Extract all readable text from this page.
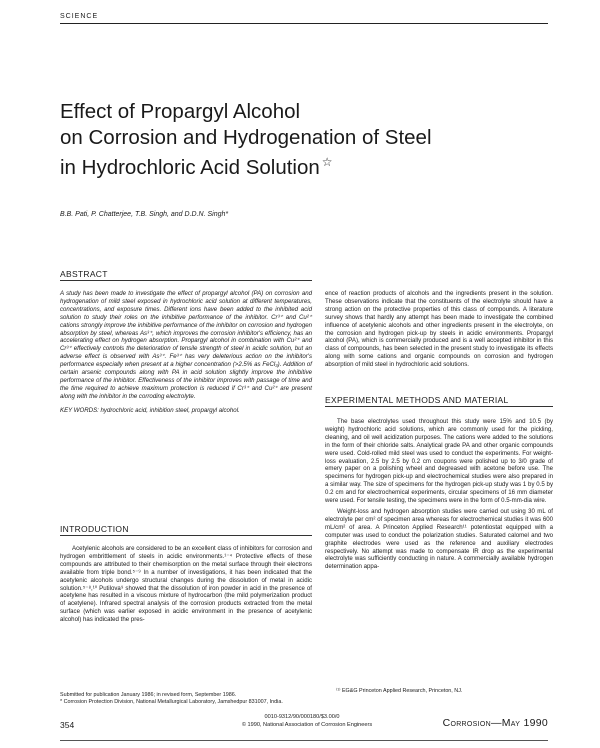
SCIENCE
Effect of Propargyl Alcohol
on Corrosion and Hydrogenation of Steel
in Hydrochloric Acid Solution ☆
B.B. Pati, P. Chatterjee, T.B. Singh, and D.D.N. Singh*
ABSTRACT

A study has been made to investigate the effect of propargyl alcohol (PA) on corrosion and hydrogenation of mild steel exposed in hydrochloric acid solution at different temperatures, concentrations, and exposure times. Different ions have been added to the inhibited acid solution to study their roles on the inhibitive performance of the inhibitor. Cr³⁺ and Cu²⁺ cations strongly improve the inhibitive performance of the inhibitor on corrosion and hydrogen absorption by steel, whereas As³⁺, which improves the corrosion inhibitor's efficiency, has an accelerating effect on hydrogen absorption. Propargyl alcohol in combination with Cu²⁺ and Cr³⁺ effectively controls the deterioration of tensile strength of steel in acidic solution, but an adverse effect is observed with As³⁺. Fe³⁺ has very deleterious action on the inhibitor's performance especially when present at a higher concentration (>2.5% as FeCl₃). Addition of certain arsenic compounds along with PA in acid solution slightly improve the inhibitive performance of the inhibitor. Effectiveness of the inhibitor improves with passage of time and the time required to achieve maximum protection is reduced if Cr³⁺ and Cu²⁺ are present along with the inhibitor in the corroding electrolyte.

KEY WORDS: hydrochloric acid, inhibition steel, propargyl alcohol.

INTRODUCTION

Acetylenic alcohols are considered to be an excellent class of inhibitors for corrosion and hydrogen embrittlement of steels in acidic environments.¹⁻⁴ Protective effects of these compounds are attributed to their chemisorption on the metal surface through their electrons available from triple bond.⁵⁻⁹ In a number of investigations, it has been indicated that the acetylenic alcohols undergo structural changes during the dissolution of metal in acidic solution.⁵⁻⁸,¹⁰ Putilova⁹ showed that the dissolution of iron powder in acid in the presence of acetylene has resulted in a viscous mixture of hydrocarbon (the mild polymerization product of acetylene). Infrared spectral analysis of the corrosion products extracted from the metal surface (which was earlier exposed in acidic environment in the presence of acetylenic alcohol) has indicated the pres-

Submitted for publication January 1986; in revised form, September 1986.

* Corrosion Protection Division, National Metallurgical Laboratory, Jamshedpur 831007, India.

ence of reaction products of alcohols and the ingredients present in the solution. These observations indicate that the constituents of the electrolyte should have a strong action on the protective properties of this class of compounds. A literature survey shows that hardly any attempt has been made to investigate the combined influence of acetylenic alcohols and other ingredients present in the electrolyte, on the corrosion and hydrogen pick-up by steels in acidic environments. Propargyl alcohol (PA), which is commercially produced and is a well accepted inhibitor in this class of compounds, has been selected in the present study to investigate its effects along with some cations and organic compounds on corrosion and hydrogen absorption of mild steel in hydrochloric acid solutions.

EXPERIMENTAL METHODS AND MATERIAL

The base electrolytes used throughout this study were 15% and 10.5 (by weight) hydrochloric acid solutions, which are commonly used for the pickling, cleaning, and oil well acidization purposes. The cations were added to the solutions in the form of their chloride salts. Analytical grade PA and other organic compounds were used. Cold-rolled mild steel was used to conduct the experiments. For weight-loss evaluation, 2.5 by 2.5 by 0.2 cm coupons were polished up to 3/0 grade of emery paper on a polishing wheel and degreased with acetone before use. The specimens for hydrogen pick-up and electrochemical studies were also prepared in a similar way. The size of specimens for the hydrogen pick-up study was 1 by 0.5 by 0.2 cm and for electrochemical experiments, circular specimens of 16 mm diameter were used. For tensile testing, the specimens were in the form of 0.5-mm-dia wire.

Weight-loss and hydrogen absorption studies were carried out using 30 mL of electrolyte per cm² of specimen area whereas for electrochemical studies it was 600 mL/cm² of area. A Princeton Applied Research¹¹ potentiostat equipped with a computer was used to conduct the polarization studies. Saturated calomel and two graphite electrodes were used as the reference and auxiliary electrodes respectively. No attempt was made to compensate IR drop as the experimental electrolyte was sufficiently conducting in nature. A commercially available hydrogen determination appa-

⁽¹⁾ EG&G Princeton Applied Research, Princeton, NJ.
354
0010-9312/90/000180/$3.00/0
© 1990, National Association of Corrosion Engineers	Corrosion—May 1990
